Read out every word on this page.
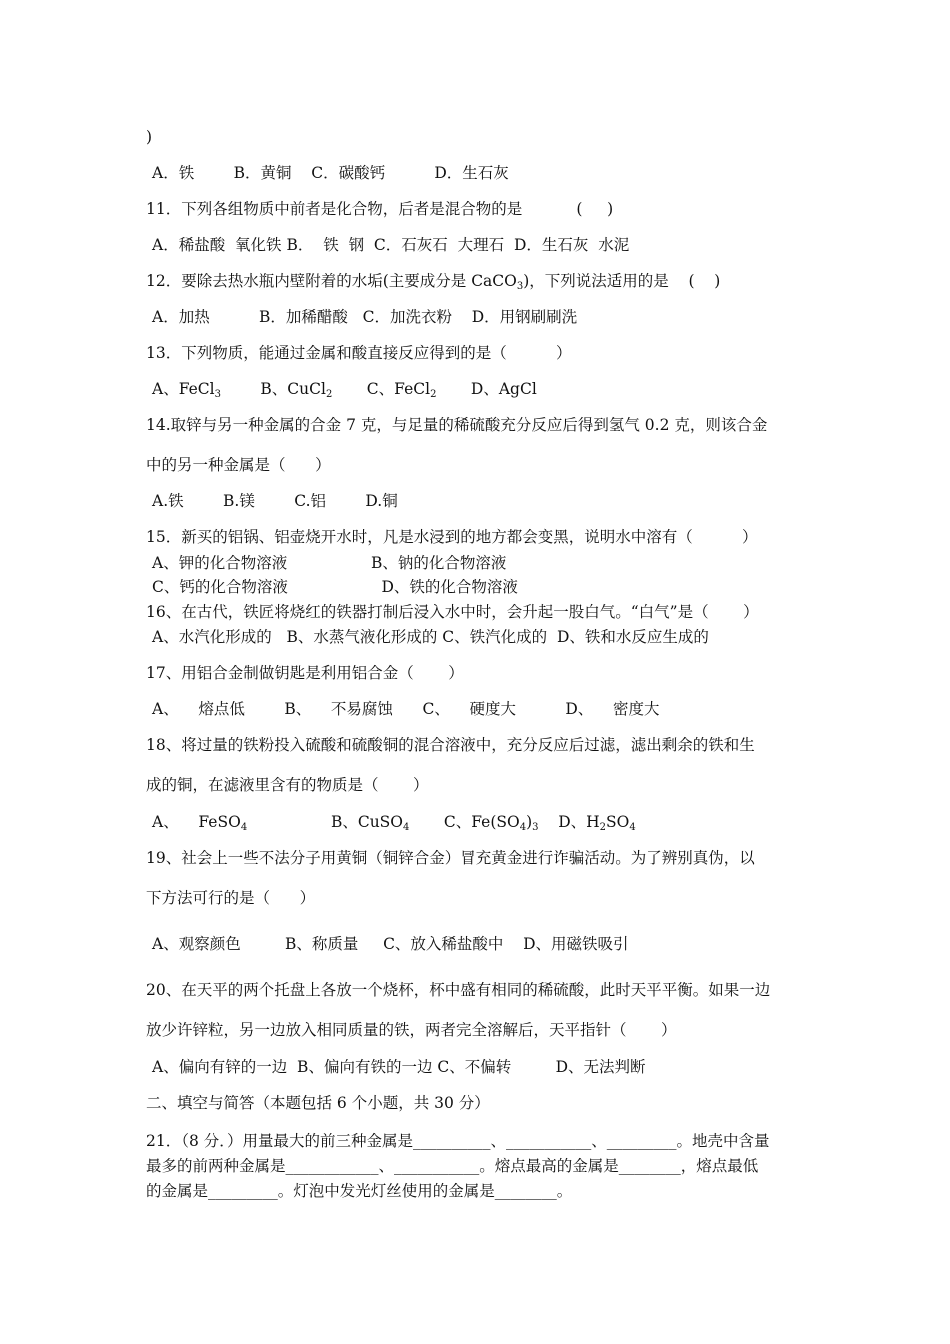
)
A．铁        B．黄铜    C．碳酸钙          D．生石灰
11．下列各组物质中前者是化合物，后者是混合物的是           (     )
A．稀盐酸  氧化铁 B．  铁  钢  C．石灰石  大理石  D．生石灰  水泥
12．要除去热水瓶内壁附着的水垢(主要成分是 CaCO$_3$)，下列说法适用的是    (    )
A．加热          B．加稀醋酸   C．加洗衣粉    D．用钢刷刷洗
13．下列物质，能通过金属和酸直接反应得到的是（          ）
A、FeCl$_3$        B、CuCl$_2$       C、FeCl$_2$       D、AgCl
14.取锌与另一种金属的合金 7 克，与足量的稀硫酸充分反应后得到氢气 0.2 克，则该合金
中的另一种金属是（      ）
A.铁        B.镁        C.铝        D.铜
15．新买的铝锅、铝壶烧开水时，凡是水浸到的地方都会变黑，说明水中溶有（          ）
A、钾的化合物溶液                 B、钠的化合物溶液
C、钙的化合物溶液                   D、铁的化合物溶液
16、在古代，铁匠将烧红的铁器打制后浸入水中时，会升起一股白气。“白气”是（       ）
A、水汽化形成的   B、水蒸气液化形成的 C、铁汽化成的  D、铁和水反应生成的
17、用铝合金制做钥匙是利用铝合金（       ）
A、    熔点低        B、    不易腐蚀      C、    硬度大          D、    密度大
18、将过量的铁粉投入硫酸和硫酸铜的混合溶液中，充分反应后过滤，滤出剩余的铁和生
成的铜，在滤液里含有的物质是（       ）
A、    FeSO$_4$                 B、CuSO$_4$       C、$Fe(SO_4)_3$    D、$H_2SO_4$
19、社会上一些不法分子用黄铜（铜锌合金）冒充黄金进行诈骗活动。为了辨别真伪，以
下方法可行的是（      ）
A、观察颜色         B、称质量     C、放入稀盐酸中    D、用磁铁吸引
20、在天平的两个托盘上各放一个烧杯，杯中盛有相同的稀硫酸，此时天平平衡。如果一边
放少许锌粒，另一边放入相同质量的铁，两者完全溶解后，天平指针（       ）
A、偏向有锌的一边  B、偏向有铁的一边 C、不偏转         D、无法判断
二、填空与简答（本题包括 6 个小题，共 30 分）
21．（8 分．）用量最大的前三种金属是__________、___________、_________。地壳中含量
最多的前两种金属是____________、___________。熔点最高的金属是________，熔点最低
的金属是_________。灯泡中发光灯丝使用的金属是________。
